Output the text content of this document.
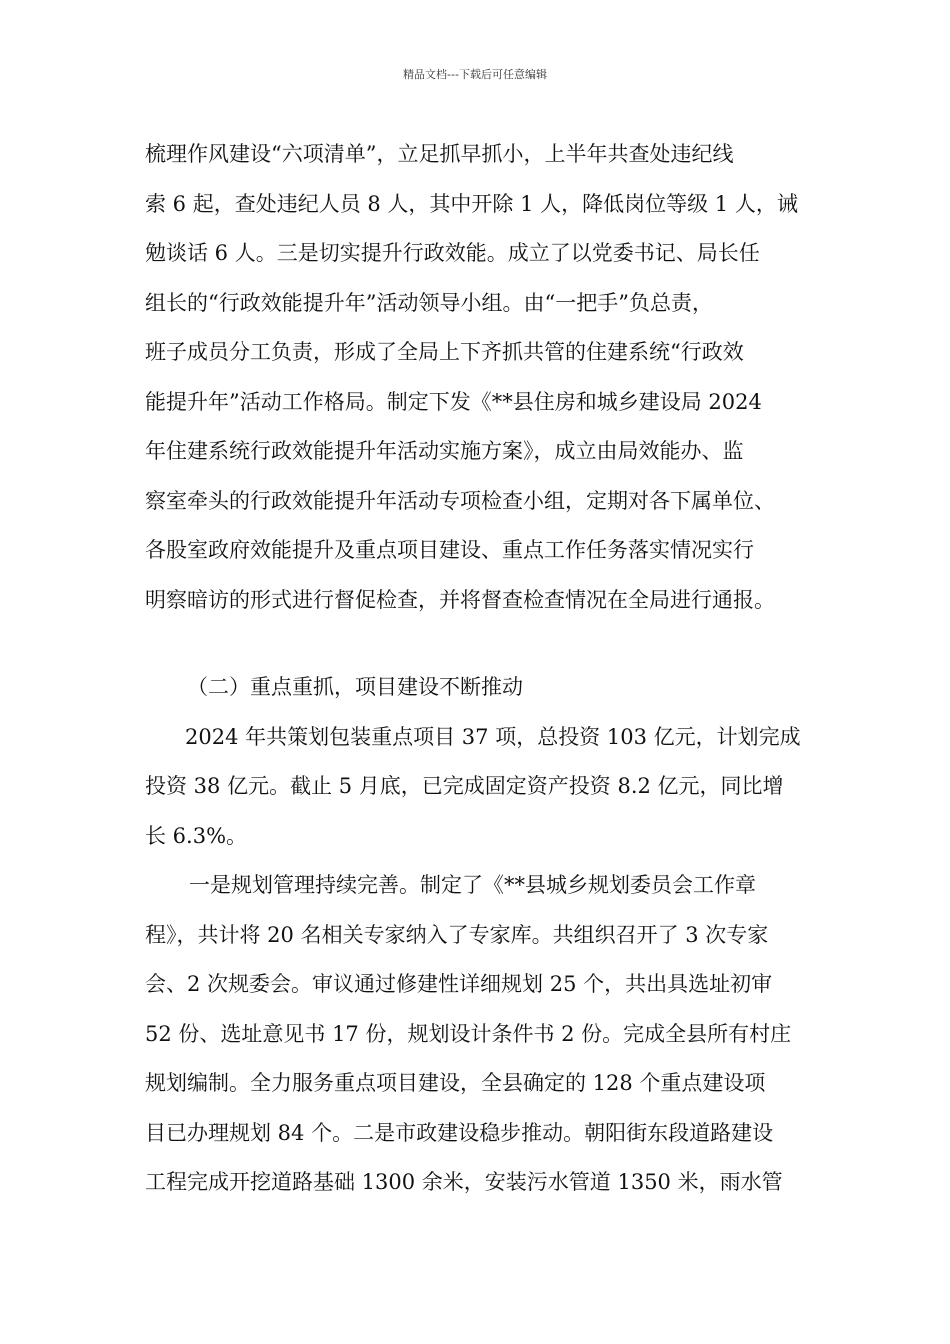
精品文档---下载后可任意编辑
梳理作风建设“六项清单”，立足抓早抓小，上半年共查处违纪线
索 6 起，查处违纪人员 8 人，其中开除 1 人，降低岗位等级 1 人，诫
勉谈话 6 人。三是切实提升行政效能。成立了以党委书记、局长任
组长的“行政效能提升年”活动领导小组。由“一把手”负总责，
班子成员分工负责，形成了全局上下齐抓共管的住建系统“行政效
能提升年”活动工作格局。制定下发《**县住房和城乡建设局 2024
年住建系统行政效能提升年活动实施方案》，成立由局效能办、监
察室牵头的行政效能提升年活动专项检查小组，定期对各下属单位、
各股室政府效能提升及重点项目建设、重点工作任务落实情况实行
明察暗访的形式进行督促检查，并将督查检查情况在全局进行通报。
（二）重点重抓，项目建设不断推动
2024 年共策划包装重点项目 37 项，总投资 103 亿元，计划完成
投资 38 亿元。截止 5 月底，已完成固定资产投资 8.2 亿元，同比增
长 6.3%。
一是规划管理持续完善。制定了《**县城乡规划委员会工作章
程》，共计将 20 名相关专家纳入了专家库。共组织召开了 3 次专家
会、2 次规委会。审议通过修建性详细规划 25 个，共出具选址初审
52 份、选址意见书 17 份，规划设计条件书 2 份。完成全县所有村庄
规划编制。全力服务重点项目建设，全县确定的 128 个重点建设项
目已办理规划 84 个。二是市政建设稳步推动。朝阳街东段道路建设
工程完成开挖道路基础 1300 余米，安装污水管道 1350 米，雨水管
